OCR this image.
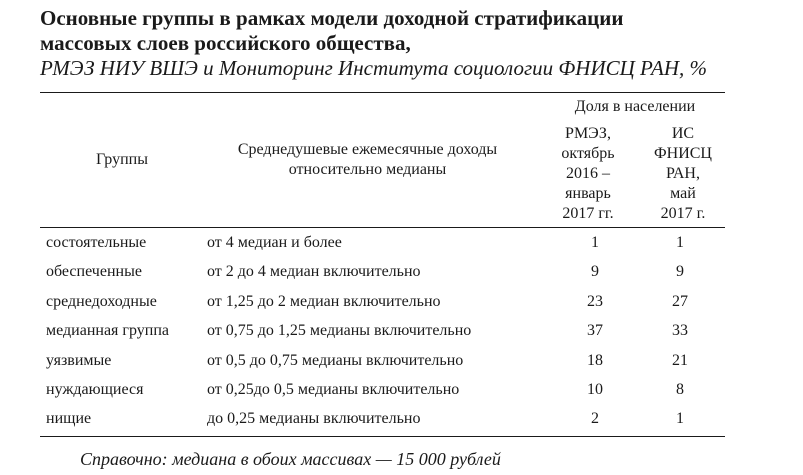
Основные группы в рамках модели доходной стратификации
массовых слоев российского общества,
РМЭЗ НИУ ВШЭ и Мониторинг Института социологии ФНИСЦ РАН, %
Группы
Среднедушевые ежемесячные доходы
относительно медианы
Доля в населении
РМЭЗ,
октябрь
2016 –
январь
2017 гг.
ИС
ФНИСЦ
РАН,
май
2017 г.
состоятельные	от 4 медиан и более	1	1
обеспеченные	от 2 до 4 медиан включительно	9	9
среднедоходные	от 1,25 до 2 медиан включительно	23	27
медианная группа от 0,75 до 1,25 медианы включительно	37	33
уязвимые	от 0,5 до 0,75 медианы включительно	18	21
нуждающиеся	от 0,25до 0,5 медианы включительно	10	8
нищие	до 0,25 медианы включительно	2	1
Справочно: медиана в обоих массивах — 15 000 рублей
